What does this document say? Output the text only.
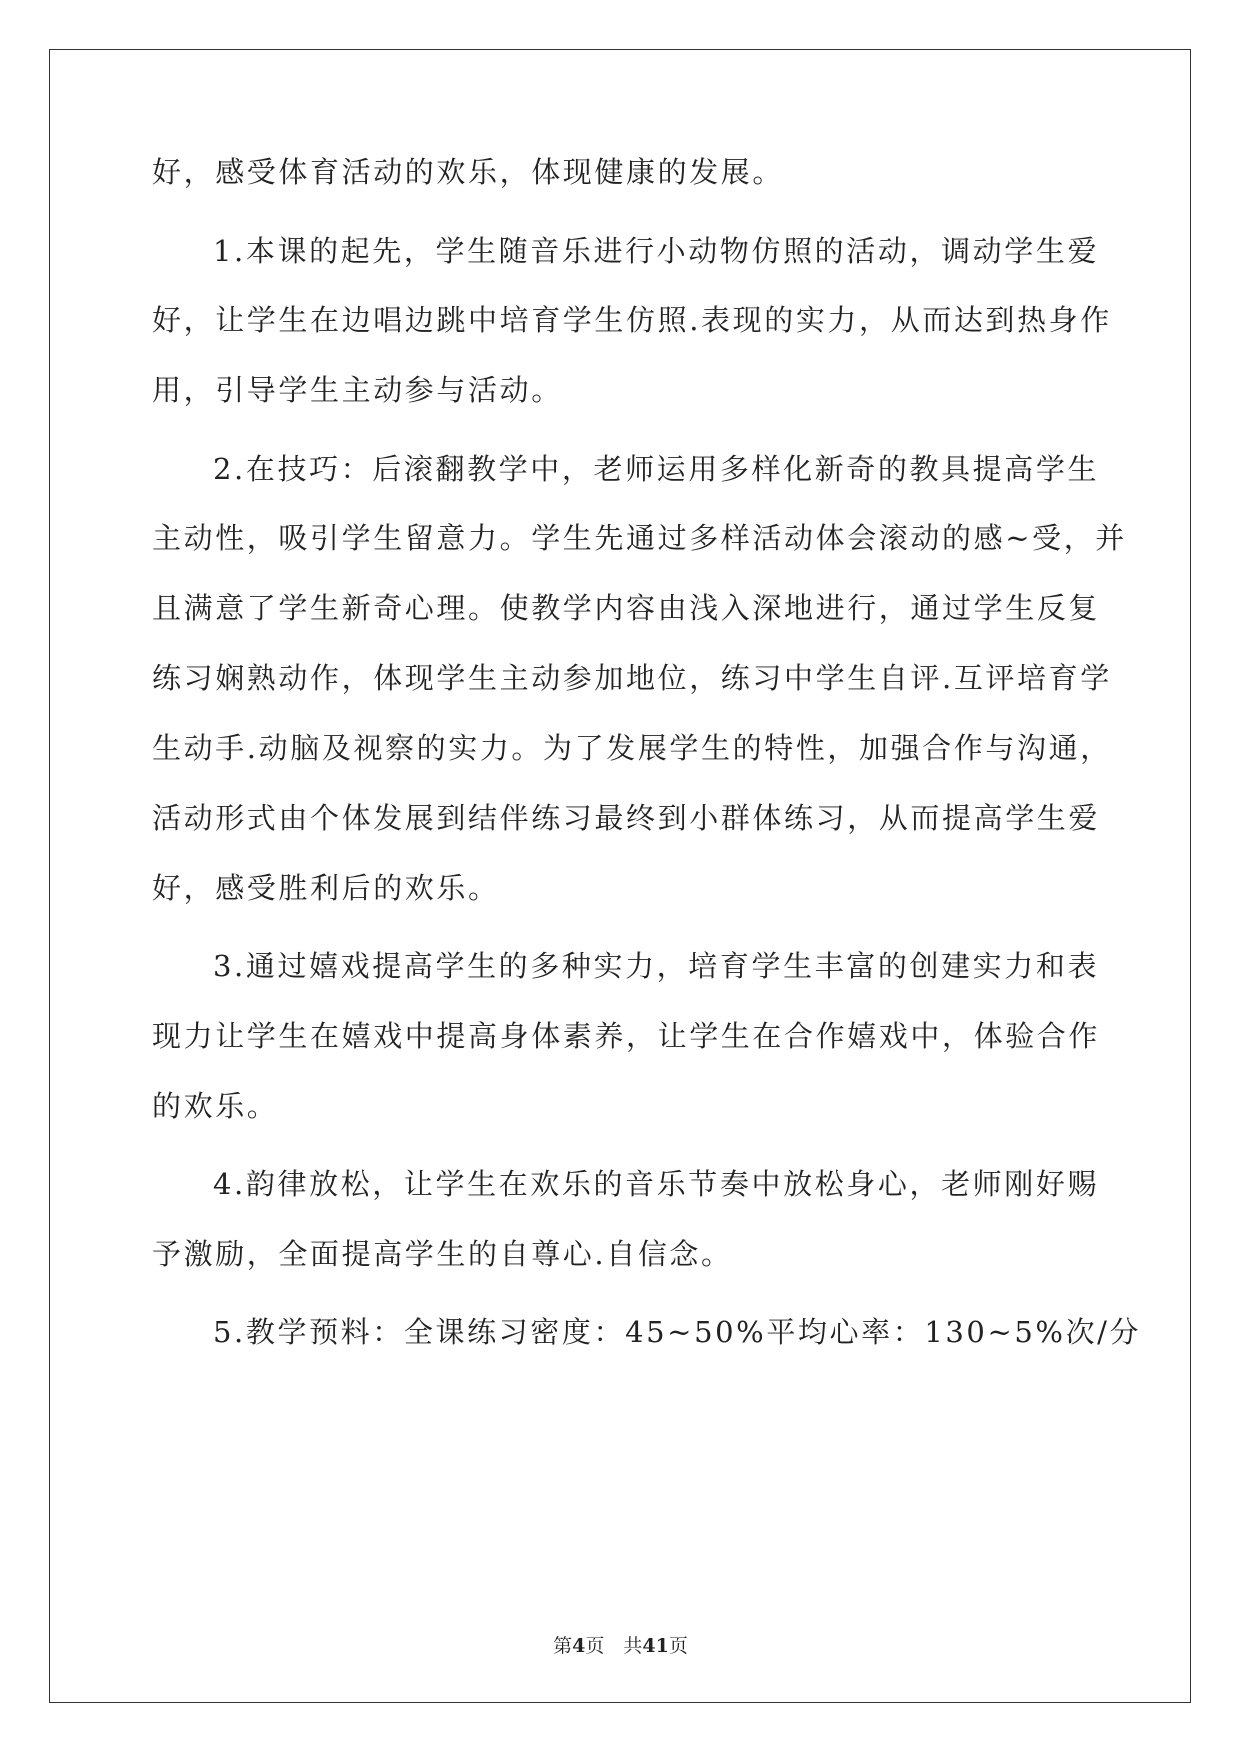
好，感受体育活动的欢乐，体现健康的发展。
1.本课的起先，学生随音乐进行小动物仿照的活动，调动学生爱
好，让学生在边唱边跳中培育学生仿照.表现的实力，从而达到热身作
用，引导学生主动参与活动。
2.在技巧：后滚翻教学中，老师运用多样化新奇的教具提高学生
主动性，吸引学生留意力。学生先通过多样活动体会滚动的感~受，并
且满意了学生新奇心理。使教学内容由浅入深地进行，通过学生反复
练习娴熟动作，体现学生主动参加地位，练习中学生自评.互评培育学
生动手.动脑及视察的实力。为了发展学生的特性，加强合作与沟通，
活动形式由个体发展到结伴练习最终到小群体练习，从而提高学生爱
好，感受胜利后的欢乐。
3.通过嬉戏提高学生的多种实力，培育学生丰富的创建实力和表
现力让学生在嬉戏中提高身体素养，让学生在合作嬉戏中，体验合作
的欢乐。
4.韵律放松，让学生在欢乐的音乐节奏中放松身心，老师刚好赐
予激励，全面提高学生的自尊心.自信念。
5.教学预料：全课练习密度：45~50%平均心率：130~5%次/分
第4页　共41页
